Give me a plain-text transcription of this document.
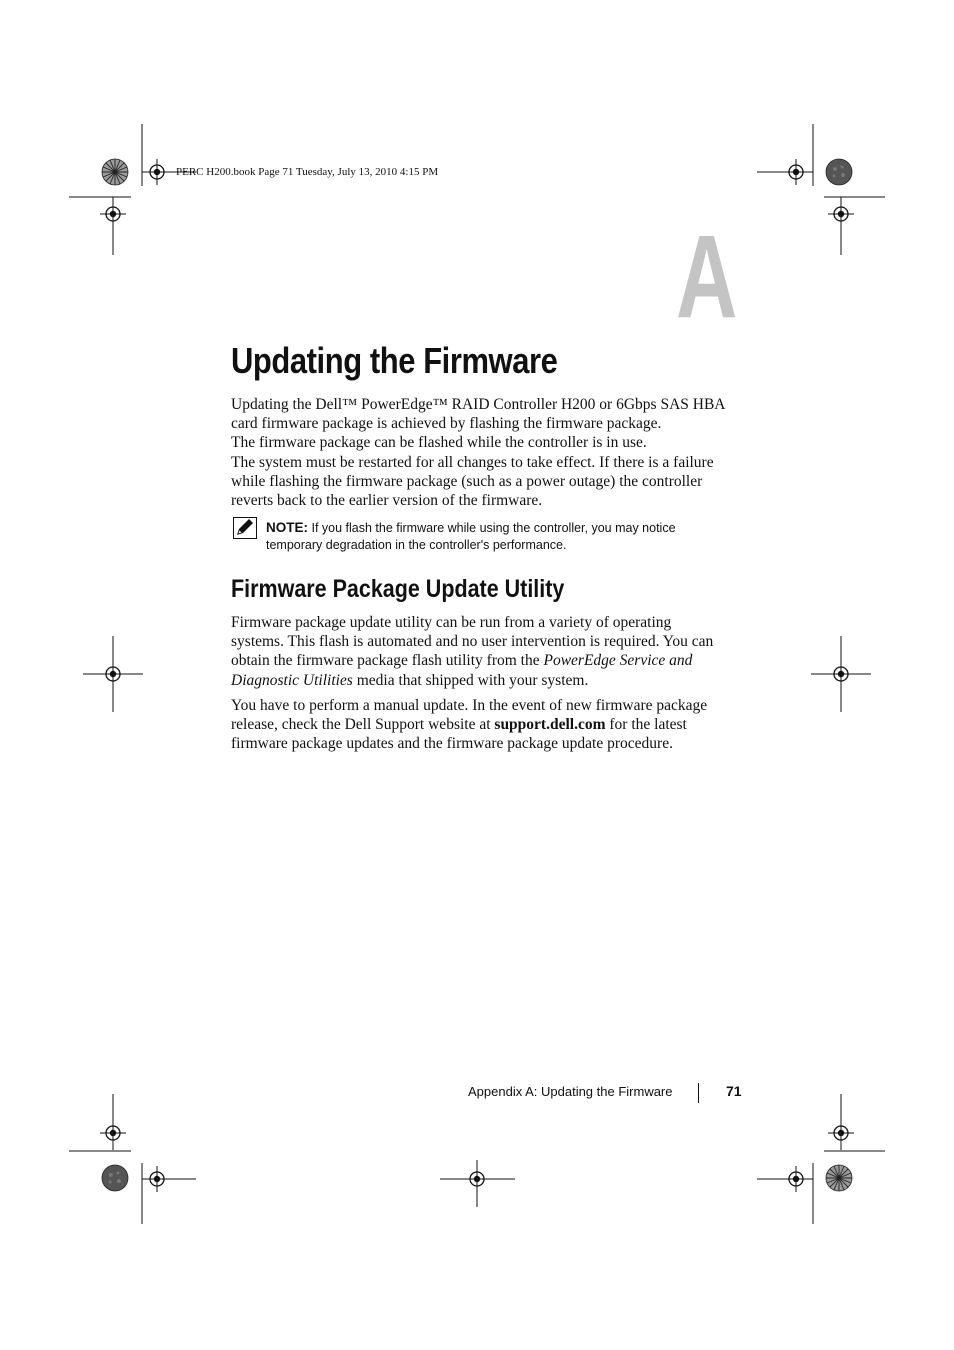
PERC H200.book Page 71 Tuesday, July 13, 2010 4:15 PM
A
Updating the Firmware
Updating the Dell™ PowerEdge™ RAID Controller H200 or 6Gbps SAS HBA
card firmware package is achieved by flashing the firmware package.
The firmware package can be flashed while the controller is in use.
The system must be restarted for all changes to take effect. If there is a failure
while flashing the firmware package (such as a power outage) the controller
reverts back to the earlier version of the firmware.
NOTE: If you flash the firmware while using the controller, you may notice
temporary degradation in the controller's performance.
Firmware Package Update Utility
Firmware package update utility can be run from a variety of operating
systems. This flash is automated and no user intervention is required. You can
obtain the firmware package flash utility from the PowerEdge Service and
Diagnostic Utilities media that shipped with your system.
You have to perform a manual update. In the event of new firmware package
release, check the Dell Support website at support.dell.com for the latest
firmware package updates and the firmware package update procedure.
Appendix A: Updating the Firmware	71
